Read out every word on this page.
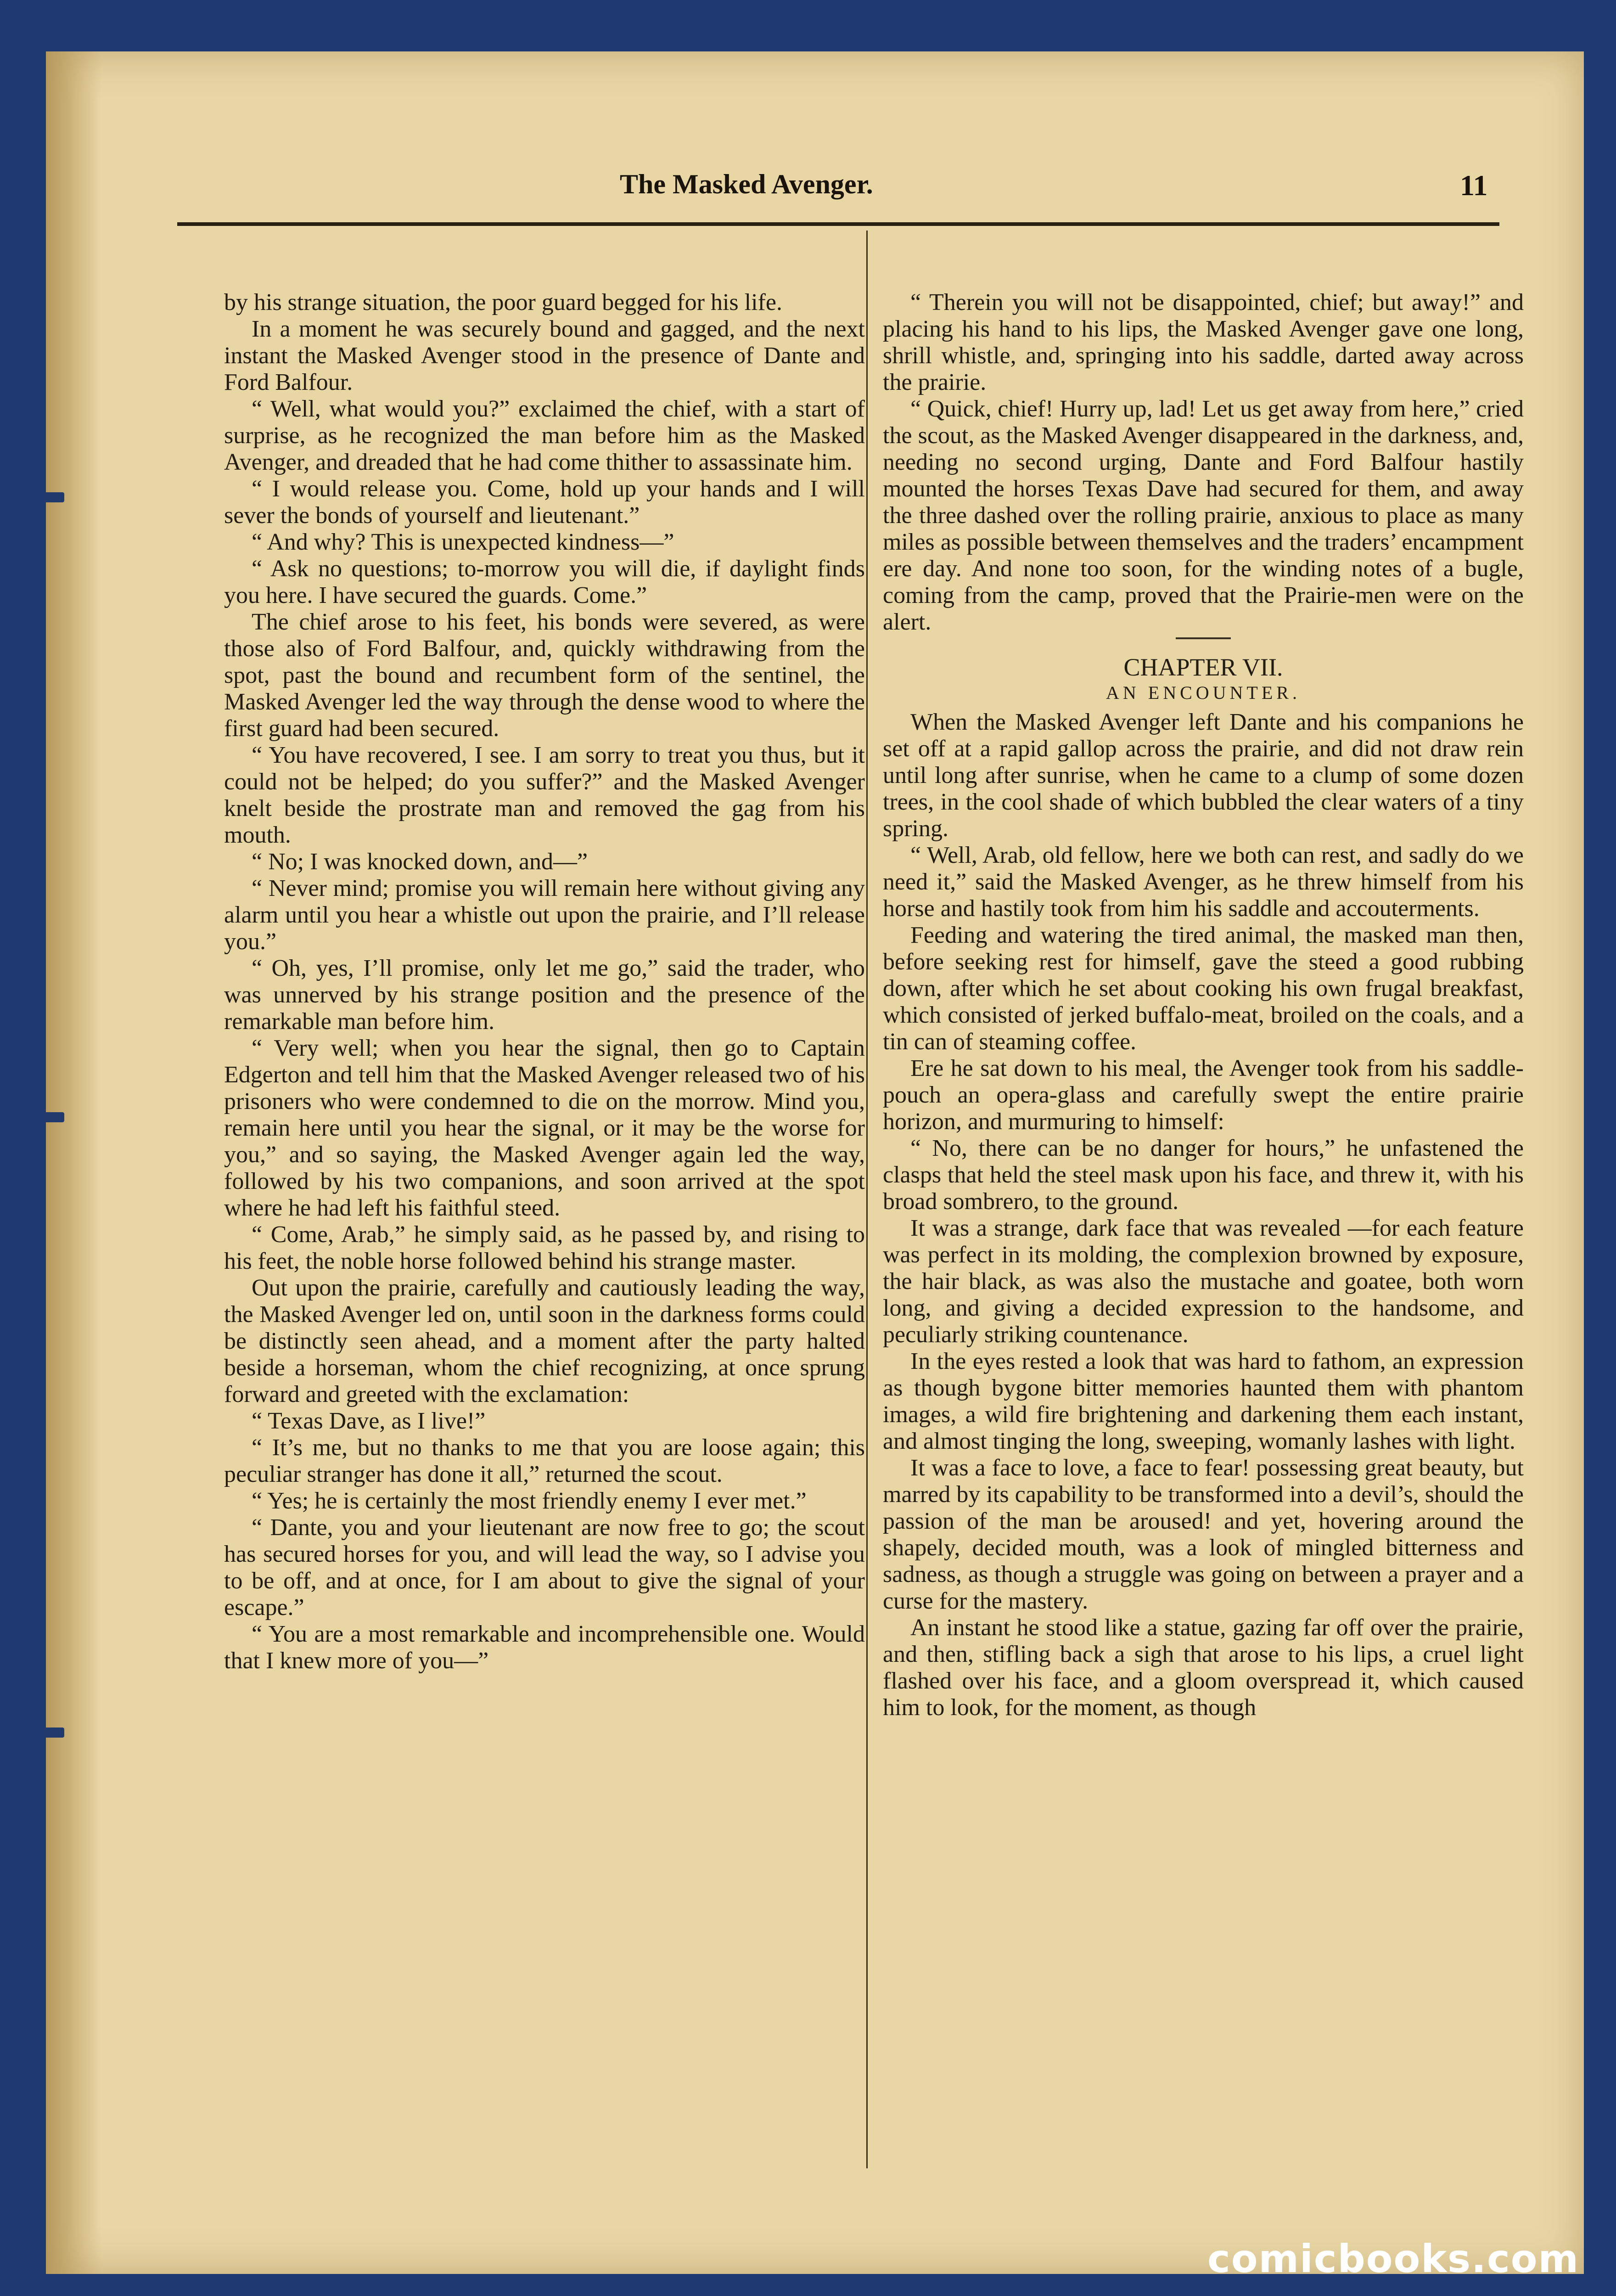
The Masked Avenger.	11

by his strange situation, the poor guard begged for his life.

In a moment he was securely bound and gagged, and the next instant the Masked Avenger stood in the presence of Dante and Ford Balfour.

“ Well, what would you?” exclaimed the chief, with a start of surprise, as he recognized the man before him as the Masked Avenger, and dreaded that he had come thither to assassinate him.

“ I would release you. Come, hold up your hands and I will sever the bonds of yourself and lieutenant.”

“ And why? This is unexpected kindness—”

“ Ask no questions; to-morrow you will die, if daylight finds you here. I have secured the guards. Come.”

The chief arose to his feet, his bonds were severed, as were those also of Ford Balfour, and, quickly withdrawing from the spot, past the bound and recumbent form of the sentinel, the Masked Avenger led the way through the dense wood to where the first guard had been secured.

“ You have recovered, I see. I am sorry to treat you thus, but it could not be helped; do you suffer?” and the Masked Avenger knelt beside the prostrate man and removed the gag from his mouth.

“ No; I was knocked down, and—”

“ Never mind; promise you will remain here without giving any alarm until you hear a whistle out upon the prairie, and I’ll release you.”

“ Oh, yes, I’ll promise, only let me go,” said the trader, who was unnerved by his strange position and the presence of the remarkable man before him.

“ Very well; when you hear the signal, then go to Captain Edgerton and tell him that the Masked Avenger released two of his prisoners who were condemned to die on the morrow. Mind you, remain here until you hear the signal, or it may be the worse for you,” and so saying, the Masked Avenger again led the way, followed by his two companions, and soon arrived at the spot where he had left his faithful steed.

“ Come, Arab,” he simply said, as he passed by, and rising to his feet, the noble horse followed behind his strange master.

Out upon the prairie, carefully and cautiously leading the way, the Masked Avenger led on, until soon in the darkness forms could be distinctly seen ahead, and a moment after the party halted beside a horseman, whom the chief recognizing, at once sprung forward and greeted with the exclamation:

“ Texas Dave, as I live!”

“ It’s me, but no thanks to me that you are loose again; this peculiar stranger has done it all,” returned the scout.

“ Yes; he is certainly the most friendly enemy I ever met.”

“ Dante, you and your lieutenant are now free to go; the scout has secured horses for you, and will lead the way, so I advise you to be off, and at once, for I am about to give the signal of your escape.”

“ You are a most remarkable and incomprehensible one. Would that I knew more of you—”

“ Therein you will not be disappointed, chief; but away!” and placing his hand to his lips, the Masked Avenger gave one long, shrill whistle, and, springing into his saddle, darted away across the prairie.

“ Quick, chief! Hurry up, lad! Let us get away from here,” cried the scout, as the Masked Avenger disappeared in the darkness, and, needing no second urging, Dante and Ford Balfour hastily mounted the horses Texas Dave had secured for them, and away the three dashed over the rolling prairie, anxious to place as many miles as possible between themselves and the traders’ encampment ere day. And none too soon, for the winding notes of a bugle, coming from the camp, proved that the Prairie-men were on the alert.

CHAPTER VII.
AN ENCOUNTER.

When the Masked Avenger left Dante and his companions he set off at a rapid gallop across the prairie, and did not draw rein until long after sunrise, when he came to a clump of some dozen trees, in the cool shade of which bubbled the clear waters of a tiny spring.

“ Well, Arab, old fellow, here we both can rest, and sadly do we need it,” said the Masked Avenger, as he threw himself from his horse and hastily took from him his saddle and accouterments.

Feeding and watering the tired animal, the masked man then, before seeking rest for himself, gave the steed a good rubbing down, after which he set about cooking his own frugal breakfast, which consisted of jerked buffalo-meat, broiled on the coals, and a tin can of steaming coffee.

Ere he sat down to his meal, the Avenger took from his saddle-pouch an opera-glass and carefully swept the entire prairie horizon, and murmuring to himself:

“ No, there can be no danger for hours,” he unfastened the clasps that held the steel mask upon his face, and threw it, with his broad sombrero, to the ground.

It was a strange, dark face that was revealed —for each feature was perfect in its molding, the complexion browned by exposure, the hair black, as was also the mustache and goatee, both worn long, and giving a decided expression to the handsome, and peculiarly striking countenance.

In the eyes rested a look that was hard to fathom, an expression as though bygone bitter memories haunted them with phantom images, a wild fire brightening and darkening them each instant, and almost tinging the long, sweeping, womanly lashes with light.

It was a face to love, a face to fear! possessing great beauty, but marred by its capability to be transformed into a devil’s, should the passion of the man be aroused! and yet, hovering around the shapely, decided mouth, was a look of mingled bitterness and sadness, as though a struggle was going on between a prayer and a curse for the mastery.

An instant he stood like a statue, gazing far off over the prairie, and then, stifling back a sigh that arose to his lips, a cruel light flashed over his face, and a gloom overspread it, which caused him to look, for the moment, as though

comicbooks.com
